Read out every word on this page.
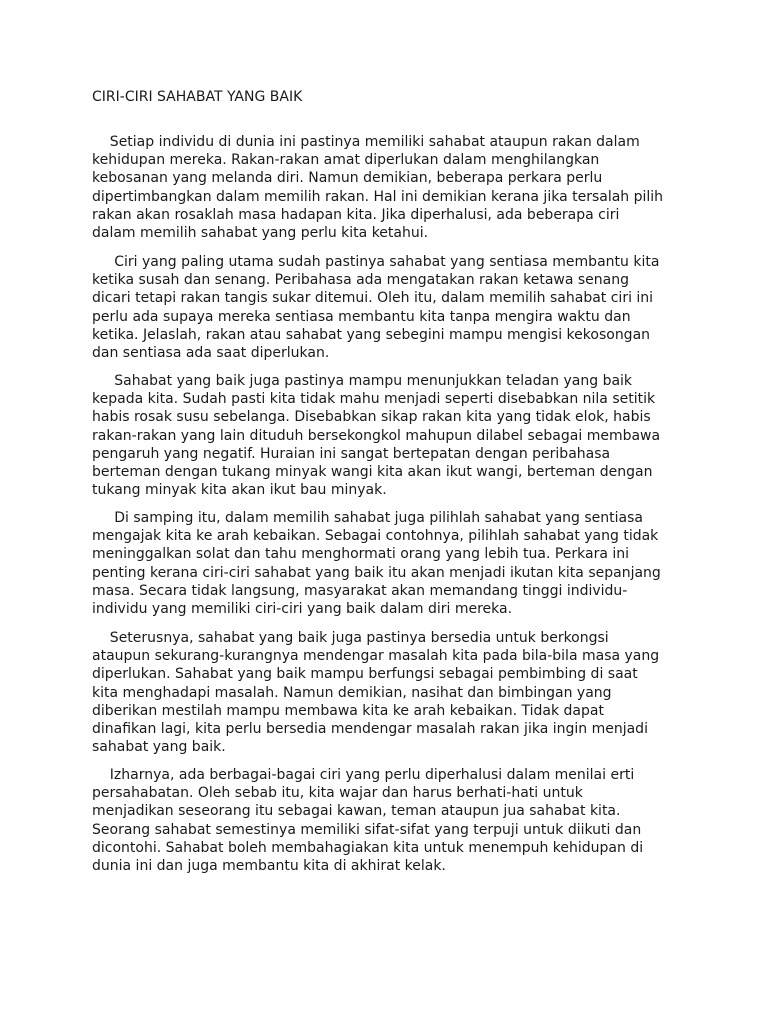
CIRI-CIRI SAHABAT YANG BAIK

Setiap individu di dunia ini pastinya memiliki sahabat ataupun rakan dalam
kehidupan mereka. Rakan-rakan amat diperlukan dalam menghilangkan
kebosanan yang melanda diri. Namun demikian, beberapa perkara perlu
dipertimbangkan dalam memilih rakan. Hal ini demikian kerana jika tersalah pilih
rakan akan rosaklah masa hadapan kita. Jika diperhalusi, ada beberapa ciri
dalam memilih sahabat yang perlu kita ketahui.

Ciri yang paling utama sudah pastinya sahabat yang sentiasa membantu kita
ketika susah dan senang. Peribahasa ada mengatakan rakan ketawa senang
dicari tetapi rakan tangis sukar ditemui. Oleh itu, dalam memilih sahabat ciri ini
perlu ada supaya mereka sentiasa membantu kita tanpa mengira waktu dan
ketika. Jelaslah, rakan atau sahabat yang sebegini mampu mengisi kekosongan
dan sentiasa ada saat diperlukan.

Sahabat yang baik juga pastinya mampu menunjukkan teladan yang baik
kepada kita. Sudah pasti kita tidak mahu menjadi seperti disebabkan nila setitik
habis rosak susu sebelanga. Disebabkan sikap rakan kita yang tidak elok, habis
rakan-rakan yang lain dituduh bersekongkol mahupun dilabel sebagai membawa
pengaruh yang negatif. Huraian ini sangat bertepatan dengan peribahasa
berteman dengan tukang minyak wangi kita akan ikut wangi, berteman dengan
tukang minyak kita akan ikut bau minyak.

Di samping itu, dalam memilih sahabat juga pilihlah sahabat yang sentiasa
mengajak kita ke arah kebaikan. Sebagai contohnya, pilihlah sahabat yang tidak
meninggalkan solat dan tahu menghormati orang yang lebih tua. Perkara ini
penting kerana ciri-ciri sahabat yang baik itu akan menjadi ikutan kita sepanjang
masa. Secara tidak langsung, masyarakat akan memandang tinggi individu-
individu yang memiliki ciri-ciri yang baik dalam diri mereka.

Seterusnya, sahabat yang baik juga pastinya bersedia untuk berkongsi
ataupun sekurang-kurangnya mendengar masalah kita pada bila-bila masa yang
diperlukan. Sahabat yang baik mampu berfungsi sebagai pembimbing di saat
kita menghadapi masalah. Namun demikian, nasihat dan bimbingan yang
diberikan mestilah mampu membawa kita ke arah kebaikan. Tidak dapat
dinafikan lagi, kita perlu bersedia mendengar masalah rakan jika ingin menjadi
sahabat yang baik.

Izharnya, ada berbagai-bagai ciri yang perlu diperhalusi dalam menilai erti
persahabatan. Oleh sebab itu, kita wajar dan harus berhati-hati untuk
menjadikan seseorang itu sebagai kawan, teman ataupun jua sahabat kita.
Seorang sahabat semestinya memiliki sifat-sifat yang terpuji untuk diikuti dan
dicontohi. Sahabat boleh membahagiakan kita untuk menempuh kehidupan di
dunia ini dan juga membantu kita di akhirat kelak.
